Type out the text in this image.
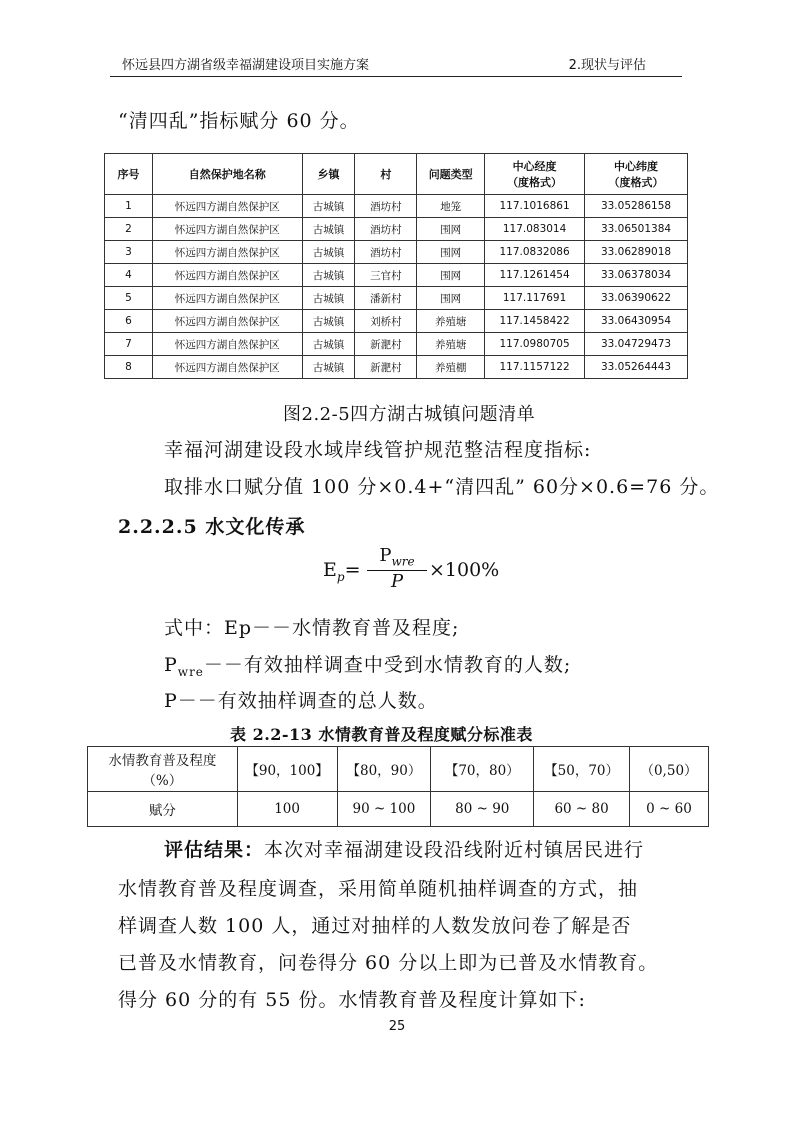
怀远县四方湖省级幸福湖建设项目实施方案	2.现状与评估
“清四乱”指标赋分 60 分。
序号	自然保护地名称	乡镇	村	问题类型	中心经度
（度格式）	中心纬度
（度格式）
1	怀远四方湖自然保护区	古城镇	酒坊村	地笼	117.1016861	33.05286158
2	怀远四方湖自然保护区	古城镇	酒坊村	围网	117.083014	33.06501384
3	怀远四方湖自然保护区	古城镇	酒坊村	围网	117.0832086	33.06289018
4	怀远四方湖自然保护区	古城镇	三官村	围网	117.1261454	33.06378034
5	怀远四方湖自然保护区	古城镇	潘新村	围网	117.117691	33.06390622
6	怀远四方湖自然保护区	古城镇	刘桥村	养殖塘	117.1458422	33.06430954
7	怀远四方湖自然保护区	古城镇	新淝村	养殖塘	117.0980705	33.04729473
8	怀远四方湖自然保护区	古城镇	新淝村	养殖棚	117.1157122	33.05264443
图2.2-5四方湖古城镇问题清单
幸福河湖建设段水域岸线管护规范整洁程度指标:
取排水口赋分值 100 分×0.4+“清四乱” 60分×0.6=76 分。
2.2.2.5 水文化传承
$E_p=$
$P_{wre}$
P
×100%
式中：Ep－－水情教育普及程度;
$P_{wre}--$有效抽样调查中受到水情教育的人数;
P－－有效抽样调查的总人数。
表 2.2-13 水情教育普及程度赋分标准表
水情教育普及程度
（%）	【90，100】	【80，90）	【70，80）	【50，70）	（0,50）
赋分	100	90 ~ 100	80 ~ 90	60 ~ 80	0 ~ 60
评估结果：本次对幸福湖建设段沿线附近村镇居民进行
水情教育普及程度调查，采用简单随机抽样调查的方式，抽
样调查人数 100 人，通过对抽样的人数发放问卷了解是否
已普及水情教育，问卷得分 60 分以上即为已普及水情教育。
得分 60 分的有 55 份。水情教育普及程度计算如下:
25
